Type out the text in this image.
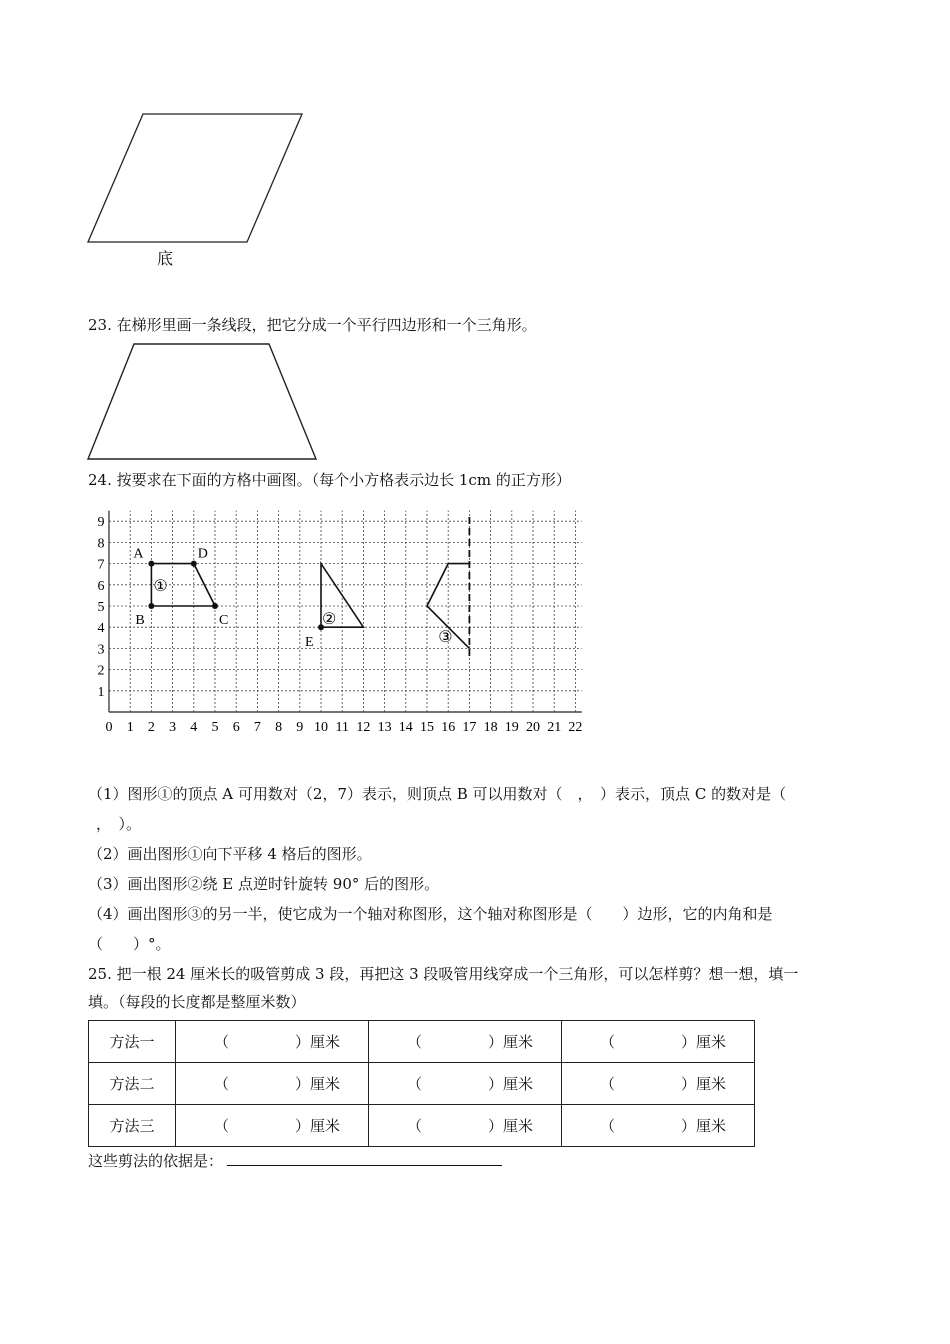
底
23. 在梯形里画一条线段，把它分成一个平行四边形和一个三角形。
24. 按要求在下面的方格中画图。（每个小方格表示边长 1cm 的正方形）
0 1 2 3 4 5 6 7 8 9 10 11 12 13 14 15 16 17 18 19 20 21 22
1
2
3
4
5
6
7
8
9
A
B	C
D
E
①
②
③
（1）图形①的顶点 A 可用数对（2，7）表示，则顶点 B 可以用数对（　，　）表示，顶点 C 的数对是（
，　）。
（2）画出图形①向下平移 4 格后的图形。
（3）画出图形②绕 E 点逆时针旋转 90° 后的图形。
（4）画出图形③的另一半，使它成为一个轴对称图形，这个轴对称图形是（　　）边形，它的内角和是
（　　）°。
25. 把一根 24 厘米长的吸管剪成 3 段，再把这 3 段吸管用线穿成一个三角形，可以怎样剪？想一想，填一
填。（每段的长度都是整厘米数）
方法一	（ ）厘米	（ ）厘米	（ ）厘米

方法二	（ ）厘米	（ ）厘米	（ ）厘米

方法三	（ ）厘米	（ ）厘米	（ ）厘米
这些剪法的依据是：
